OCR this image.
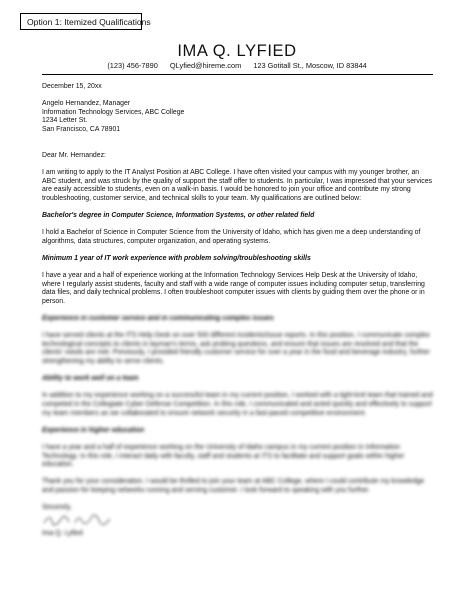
Option 1: Itemized Qualifications
IMA Q. LYFIED
(123) 456-7890 QLyfied@hireme.com 123 Gotitall St., Moscow, ID 83844

December 15, 20xx

Angelo Hernandez, Manager
Information Technology Services, ABC College
1234 Letter St.
San Francisco, CA 78901

Dear Mr. Hernandez:

I am writing to apply to the IT Analyst Position at ABC College. I have often visited your campus with my younger brother, an ABC student, and was struck by the quality of support the staff offer to students. In particular, I was impressed that your services are easily accessible to students, even on a walk-in basis. I would be honored to join your office and contribute my strong troubleshooting, customer service, and technical skills to your team. My qualifications are outlined below:

Bachelor's degree in Computer Science, Information Systems, or other related field

I hold a Bachelor of Science in Computer Science from the University of Idaho, which has given me a deep understanding of algorithms, data structures, computer organization, and operating systems.

Minimum 1 year of IT work experience with problem solving/troubleshooting skills

I have a year and a half of experience working at the Information Technology Services Help Desk at the University of Idaho, where I regularly assist students, faculty and staff with a wide range of computer issues including computer setup, transferring data files, and daily technical problems. I often troubleshoot computer issues with clients by guiding them over the phone or in person.

Experience in customer service and in communicating complex issues

I have served clients at the ITS Help Desk on over 500 different incidents/issue reports. In this position, I communicate complex technological concepts to clients in layman's terms, ask probing questions, and ensure that issues are resolved and that the clients' needs are met. Previously, I provided friendly customer service for over a year in the food and beverage industry, further strengthening my ability to serve clients.

Ability to work well on a team

In addition to my experience working on a successful team in my current position, I worked with a tight-knit team that trained and competed in the Collegiate Cyber Defense Competition. In this role, I communicated and acted quickly and effectively to support my team members as we collaborated to ensure network security in a fast-paced competitive environment.

Experience in higher education

I have a year and a half of experience working on the University of Idaho campus in my current position in Information Technology. In this role, I interact daily with faculty, staff and students at ITS to facilitate and support goals within higher education.

Thank you for your consideration. I would be thrilled to join your team at ABC College, where I could contribute my knowledge and passion for keeping networks running and serving customer. I look forward to speaking with you further.

Sincerely,
Ima Q. Lyfied
